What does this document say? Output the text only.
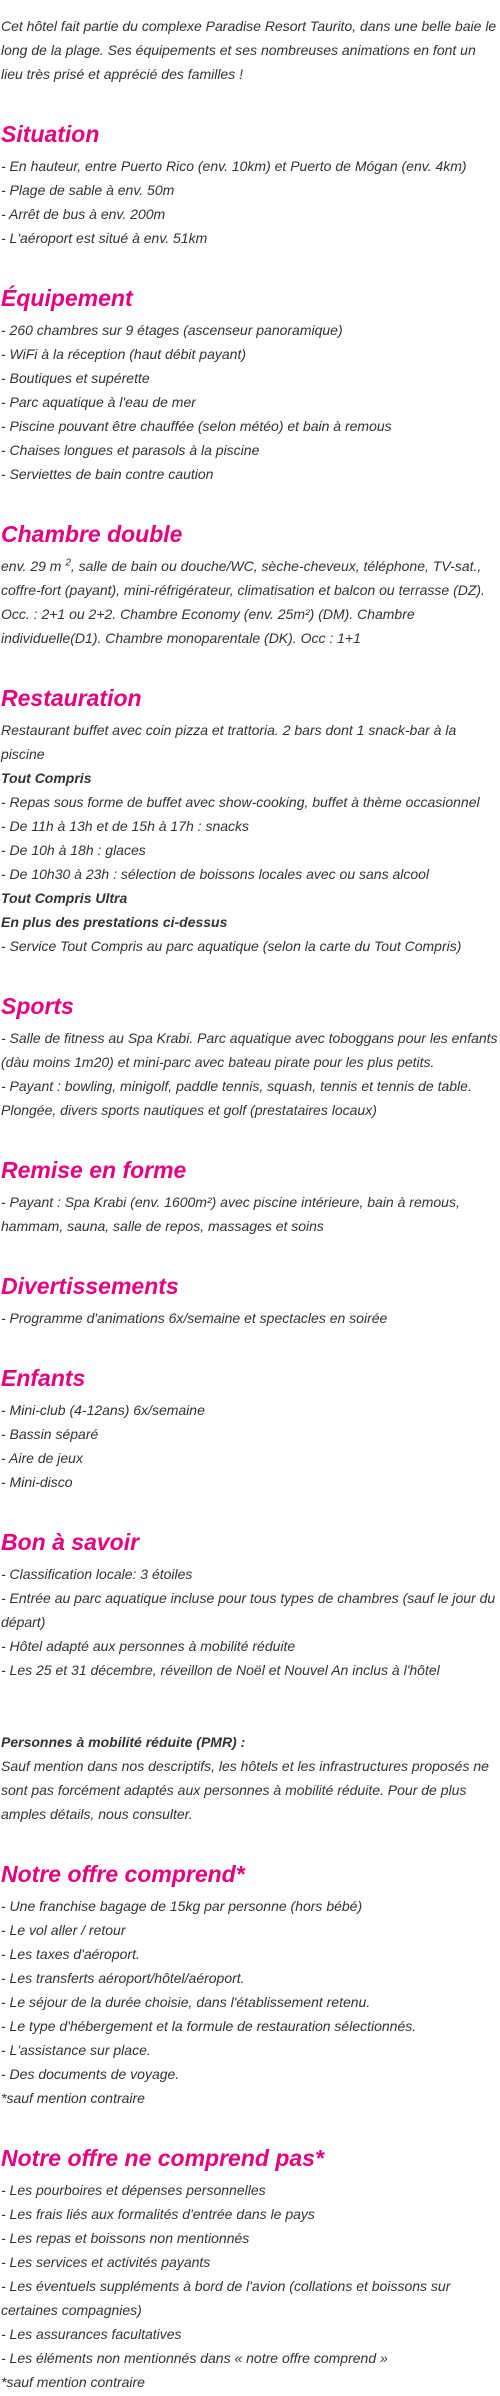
Cet hôtel fait partie du complexe Paradise Resort Taurito, dans une belle baie le long de la plage. Ses équipements et ses nombreuses animations en font un lieu très prisé et apprécié des familles !

Situation
- En hauteur, entre Puerto Rico (env. 10km) et Puerto de Mógan (env. 4km)
- Plage de sable à env. 50m
- Arrêt de bus à env. 200m
- L'aéroport est situé à env. 51km
Équipement
- 260 chambres sur 9 étages (ascenseur panoramique)
- WiFi à la réception (haut débit payant)
- Boutiques et supérette
- Parc aquatique à l'eau de mer
- Piscine pouvant être chauffée (selon météo) et bain à remous
- Chaises longues et parasols à la piscine
- Serviettes de bain contre caution
Chambre double

env. 29 m $^2$, salle de bain ou douche/WC, sèche-cheveux, téléphone, TV-sat., coffre-fort (payant), mini-réfrigérateur, climatisation et balcon ou terrasse (DZ). Occ. : 2+1 ou 2+2. Chambre Economy (env. 25m²) (DM). Chambre individuelle(D1). Chambre monoparentale (DK). Occ : 1+1

Restauration
Restaurant buffet avec coin pizza et trattoria. 2 bars dont 1 snack-bar à la piscine
Tout Compris
- Repas sous forme de buffet avec show-cooking, buffet à thème occasionnel
- De 11h à 13h et de 15h à 17h : snacks
- De 10h à 18h : glaces
- De 10h30 à 23h : sélection de boissons locales avec ou sans alcool
Tout Compris Ultra
En plus des prestations ci-dessus
- Service Tout Compris au parc aquatique (selon la carte du Tout Compris)
Sports
- Salle de fitness au Spa Krabi. Parc aquatique avec toboggans pour les enfants (dàu moins 1m20) et mini-parc avec bateau pirate pour les plus petits.
- Payant : bowling, minigolf, paddle tennis, squash, tennis et tennis de table. Plongée, divers sports nautiques et golf (prestataires locaux)
Remise en forme
- Payant : Spa Krabi (env. 1600m²) avec piscine intérieure, bain à remous, hammam, sauna, salle de repos, massages et soins
Divertissements
- Programme d'animations 6x/semaine et spectacles en soirée
Enfants
- Mini-club (4-12ans) 6x/semaine
- Bassin séparé
- Aire de jeux
- Mini-disco
Bon à savoir
- Classification locale: 3 étoiles
- Entrée au parc aquatique incluse pour tous types de chambres (sauf le jour du départ)
- Hôtel adapté aux personnes à mobilité réduite
- Les 25 et 31 décembre, réveillon de Noël et Nouvel An inclus à l'hôtel
Personnes à mobilité réduite (PMR) :
Sauf mention dans nos descriptifs, les hôtels et les infrastructures proposés ne sont pas forcément adaptés aux personnes à mobilité réduite. Pour de plus amples détails, nous consulter.
Notre offre comprend*
- Une franchise bagage de 15kg par personne (hors bébé)
- Le vol aller / retour
- Les taxes d'aéroport.
- Les transferts aéroport/hôtel/aéroport.
- Le séjour de la durée choisie, dans l'établissement retenu.
- Le type d'hébergement et la formule de restauration sélectionnés.
- L'assistance sur place.
- Des documents de voyage.
*sauf mention contraire
Notre offre ne comprend pas*
- Les pourboires et dépenses personnelles
- Les frais liés aux formalités d'entrée dans le pays
- Les repas et boissons non mentionnés
- Les services et activités payants
- Les éventuels suppléments à bord de l'avion (collations et boissons sur certaines compagnies)
- Les assurances facultatives
- Les éléments non mentionnés dans « notre offre comprend »
*sauf mention contraire
